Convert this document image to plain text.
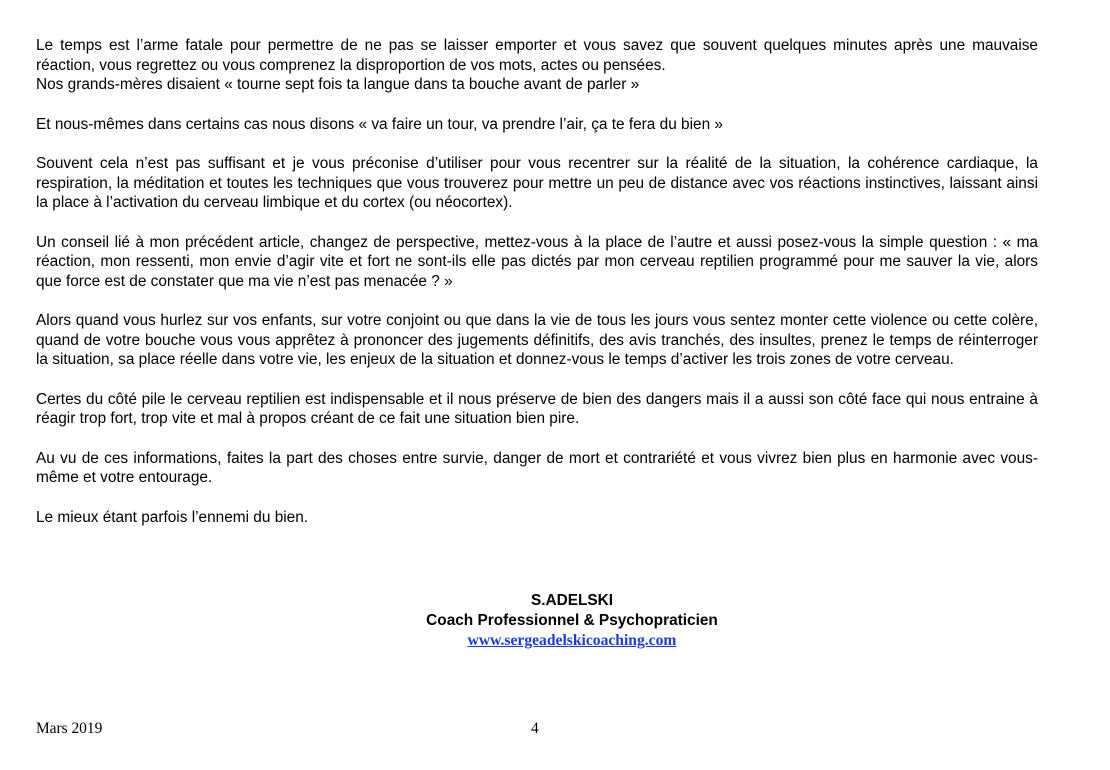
Le temps est l’arme fatale pour permettre de ne pas se laisser emporter et vous savez que souvent quelques minutes après une mauvaise réaction, vous regrettez ou vous comprenez la disproportion de vos mots, actes ou pensées.
Nos grands-mères disaient « tourne sept fois ta langue dans ta bouche avant de parler »

Et nous-mêmes dans certains cas nous disons « va faire un tour, va prendre l’air, ça te fera du bien »

Souvent cela n’est pas suffisant et je vous préconise d’utiliser pour vous recentrer sur la réalité de la situation, la cohérence cardiaque, la respiration, la méditation et toutes les techniques que vous trouverez pour mettre un peu de distance avec vos réactions instinctives, laissant ainsi la place à l’activation du cerveau limbique et du cortex (ou néocortex).

Un conseil lié à mon précédent article, changez de perspective, mettez-vous à la place de l’autre et aussi posez-vous la simple question : « ma réaction, mon ressenti, mon envie d’agir vite et fort ne sont-ils elle pas dictés par mon cerveau reptilien programmé pour me sauver la vie, alors que force est de constater que ma vie n’est pas menacée ? »

Alors quand vous hurlez sur vos enfants, sur votre conjoint ou que dans la vie de tous les jours vous sentez monter cette violence ou cette colère, quand de votre bouche vous vous apprêtez à prononcer des jugements définitifs, des avis tranchés, des insultes, prenez le temps de réinterroger la situation, sa place réelle dans votre vie, les enjeux de la situation et donnez-vous le temps d’activer les trois zones de votre cerveau.

Certes du côté pile le cerveau reptilien est indispensable et il nous préserve de bien des dangers mais il a aussi son côté face qui nous entraine à réagir trop fort, trop vite et mal à propos créant de ce fait une situation bien pire.

Au vu de ces informations, faites la part des choses entre survie, danger de mort et contrariété et vous vivrez bien plus en harmonie avec vous-même et votre entourage.

Le mieux étant parfois l’ennemi du bien.

S.ADELSKI
Coach Professionnel & Psychopraticien
www.sergeadelskicoaching.com
Mars 2019	4
